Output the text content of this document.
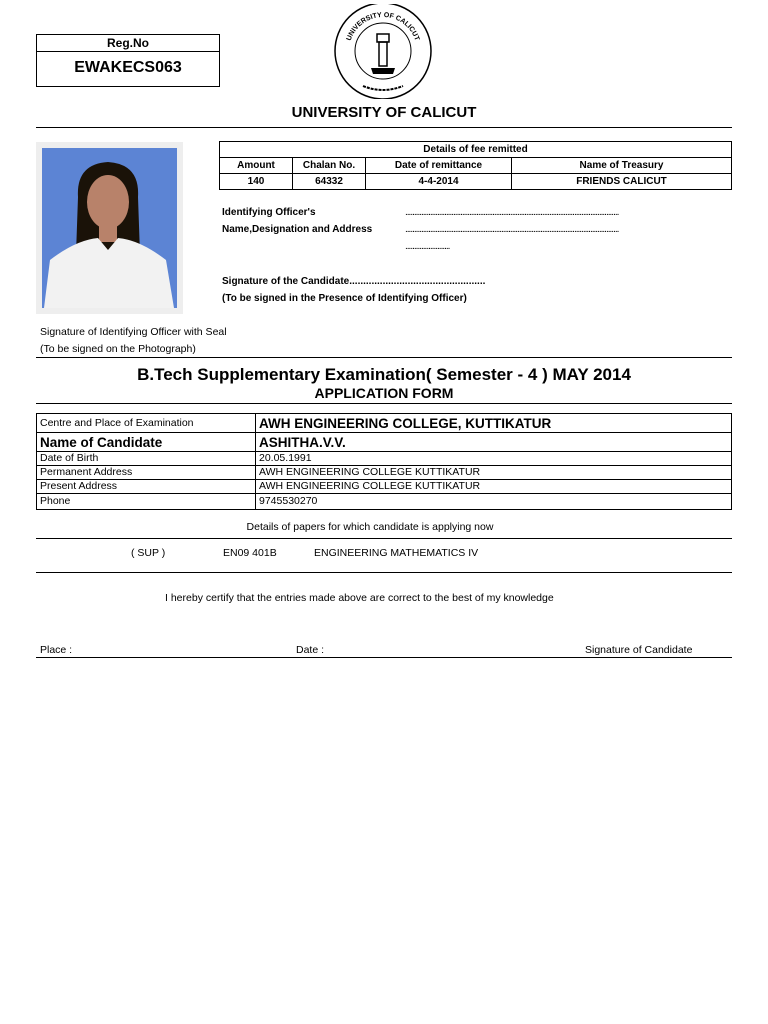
Reg.No
EWAKECS063
UNIVERSITY OF CALICUT
UNIVERSITY OF CALICUT
Details of fee remitted			
Amount	Chalan No.	Date of remittance	Name of Treasury
140	64332	4-4-2014	FRIENDS CALICUT
Identifying Officer's
Name,Designation and Address
........................................................................................................................
........................................................................................................................
.........................
Signature of the Candidate.................................................
(To be signed in the Presence of Identifying Officer)
Signature of Identifying Officer with Seal
(To be signed on the Photograph)
B.Tech Supplementary Examination( Semester - 4 ) MAY 2014
APPLICATION FORM
Centre and Place of Examination	AWH ENGINEERING COLLEGE, KUTTIKATUR
Name of Candidate	ASHITHA.V.V.
Date of Birth	20.05.1991
Permanent Address	AWH ENGINEERING COLLEGE KUTTIKATUR
Present Address	AWH ENGINEERING COLLEGE KUTTIKATUR
Phone	9745530270
Details of papers for which candidate is applying now
( SUP )	EN09 401B	ENGINEERING MATHEMATICS IV
I hereby certify that the entries made above are correct to the best of my knowledge
Place :	Date :	Signature of Candidate
